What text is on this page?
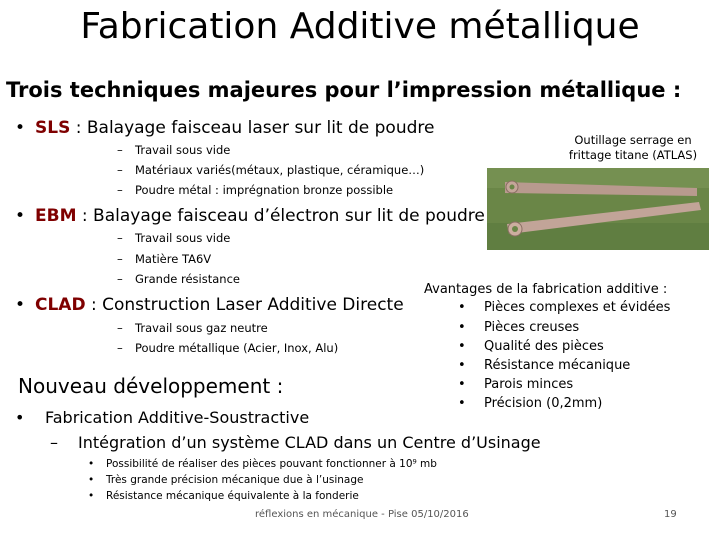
Fabrication Additive métallique
Trois techniques majeures pour l’impression métallique :
• SLS : Balayage faisceau laser sur lit de poudre
– Travail sous vide
– Matériaux variés(métaux, plastique, céramique…)
– Poudre métal : imprégnation bronze possible
• EBM : Balayage faisceau d’électron sur lit de poudre
– Travail sous vide
– Matière TA6V
– Grande résistance
• CLAD : Construction Laser Additive Directe
– Travail sous gaz neutre
– Poudre métallique (Acier, Inox, Alu)
Outillage serrage en
frittage titane (ATLAS)
Avantages de la fabrication additive :
• Pièces complexes et évidées
• Pièces creuses
• Qualité des pièces
• Résistance mécanique
• Parois minces
• Précision (0,2mm)
Nouveau développement :
• Fabrication Additive-Soustractive
– Intégration d’un système CLAD dans un Centre d’Usinage
• Possibilité de réaliser des pièces pouvant fonctionner à 10⁹ mb
• Très grande précision mécanique due à l’usinage
• Résistance mécanique équivalente à la fonderie
réflexions en mécanique - Pise 05/10/2016	19
